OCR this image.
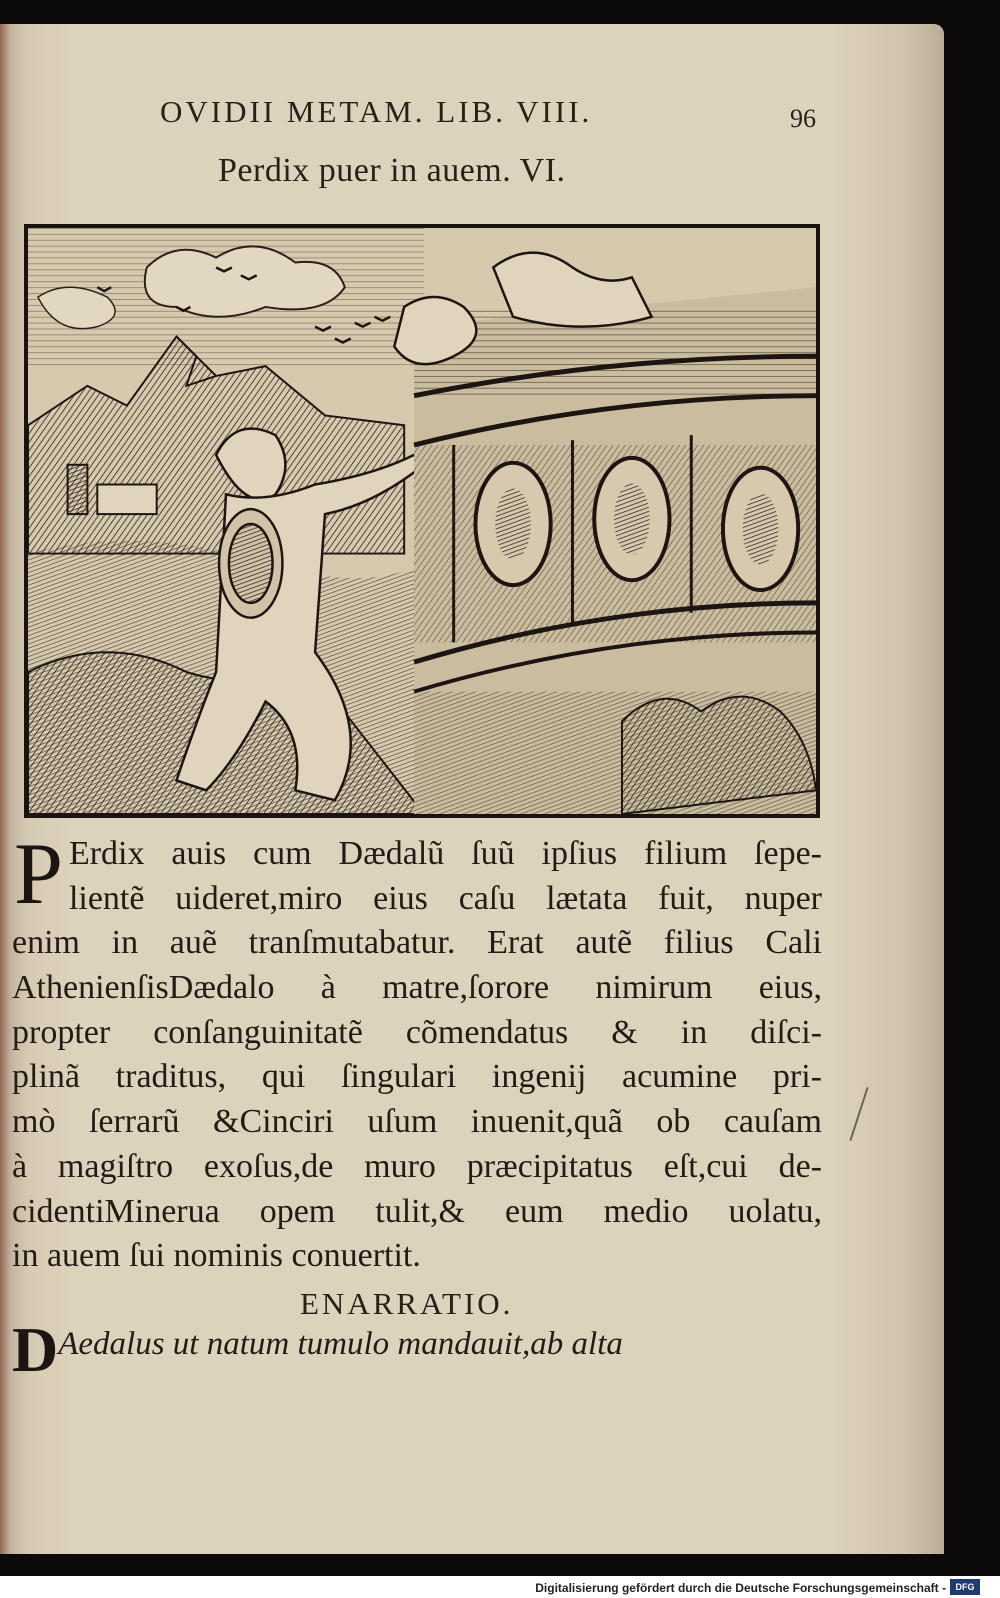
OVIDII METAM. LIB. VIII.	96
Perdix puer in auem. VI.
P Erdix auis cum Dædalũ ſuũ ipſius filium ſepe-
lientẽ uideret,miro eius caſu lætata fuit, nuper
enim in auẽ tranſmutabatur. Erat autẽ filius Cali
AthenienſisDædalo à matre,ſorore nimirum eius,
propter conſanguinitatẽ cõmendatus & in diſci-
plinã traditus, qui ſingulari ingenij acumine pri-
mò ſerrarũ &Cinciri uſum inuenit,quã ob cauſam
à magiſtro exoſus,de muro præcipitatus eſt,cui de-
cidentiMinerua opem tulit,& eum medio uolatu,
in auem ſui nominis conuertit.
ENARRATIO.
DAedalus ut natum tumulo mandauit,ab alta
Digitalisierung gefördert durch die Deutsche Forschungsgemeinschaft -	DFG
